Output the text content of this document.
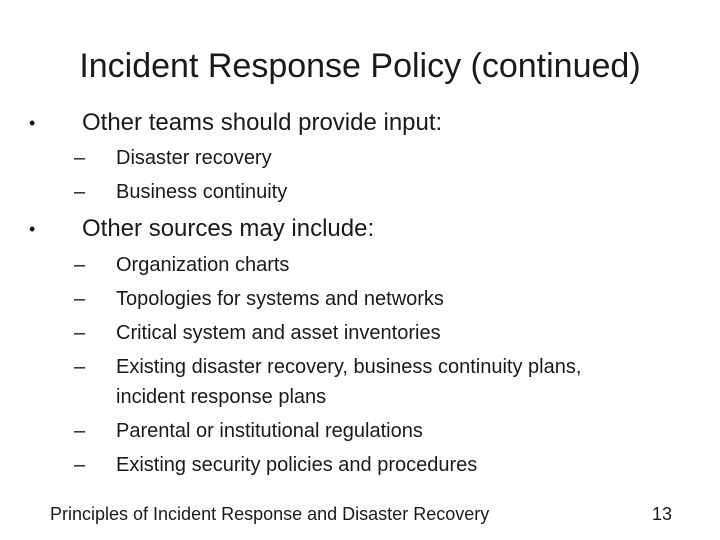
Incident Response Policy (continued)
• Other teams should provide input:
– Disaster recovery
– Business continuity
• Other sources may include:
– Organization charts
– Topologies for systems and networks
– Critical system and asset inventories
– Existing disaster recovery, business continuity plans,
incident response plans
– Parental or institutional regulations
– Existing security policies and procedures
Principles of Incident Response and Disaster Recovery	13
